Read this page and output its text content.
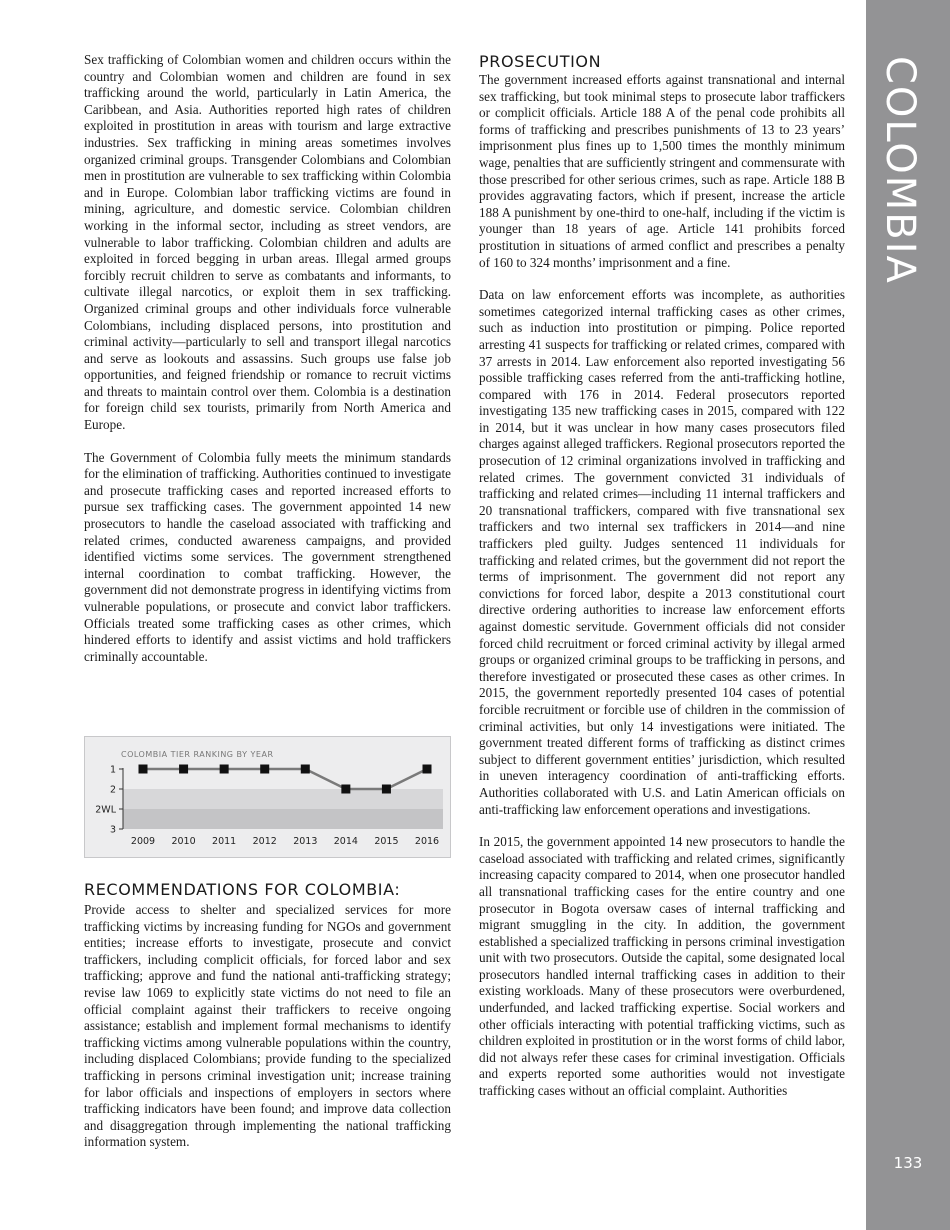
COLOMBIA
133

Sex trafficking of Colombian women and children occurs within the country and Colombian women and children are found in sex trafficking around the world, particularly in Latin America, the Caribbean, and Asia. Authorities reported high rates of children exploited in prostitution in areas with tourism and large extractive industries. Sex trafficking in mining areas sometimes involves organized criminal groups. Transgender Colombians and Colombian men in prostitution are vulnerable to sex trafficking within Colombia and in Europe. Colombian labor trafficking victims are found in mining, agriculture, and domestic service. Colombian children working in the informal sector, including as street vendors, are vulnerable to labor trafficking. Colombian children and adults are exploited in forced begging in urban areas. Illegal armed groups forcibly recruit children to serve as combatants and informants, to cultivate illegal narcotics, or exploit them in sex trafficking. Organized criminal groups and other individuals force vulnerable Colombians, including displaced persons, into prostitution and criminal activity—particularly to sell and transport illegal narcotics and serve as lookouts and assassins. Such groups use false job opportunities, and feigned friendship or romance to recruit victims and threats to maintain control over them. Colombia is a destination for foreign child sex tourists, primarily from North America and Europe.

The Government of Colombia fully meets the minimum standards for the elimination of trafficking. Authorities continued to investigate and prosecute trafficking cases and reported increased efforts to pursue sex trafficking cases. The government appointed 14 new prosecutors to handle the caseload associated with trafficking and related crimes, conducted awareness campaigns, and provided identified victims some services. The government strengthened internal coordination to combat trafficking. However, the government did not demonstrate progress in identifying victims from vulnerable populations, or prosecute and convict labor traffickers. Officials treated some trafficking cases as other crimes, which hindered efforts to identify and assist victims and hold traffickers criminally accountable.

COLOMBIA TIER RANKING BY YEAR
1
2
2WL
3
2009 2010 2011 2012 2013 2014 2015 2016
RECOMMENDATIONS FOR COLOMBIA:

Provide access to shelter and specialized services for more trafficking victims by increasing funding for NGOs and government entities; increase efforts to investigate, prosecute and convict traffickers, including complicit officials, for forced labor and sex trafficking; approve and fund the national anti-trafficking strategy; revise law 1069 to explicitly state victims do not need to file an official complaint against their traffickers to receive ongoing assistance; establish and implement formal mechanisms to identify trafficking victims among vulnerable populations within the country, including displaced Colombians; provide funding to the specialized trafficking in persons criminal investigation unit; increase training for labor officials and inspections of employers in sectors where trafficking indicators have been found; and improve data collection and disaggregation through implementing the national trafficking information system.

PROSECUTION

The government increased efforts against transnational and internal sex trafficking, but took minimal steps to prosecute labor traffickers or complicit officials. Article 188 A of the penal code prohibits all forms of trafficking and prescribes punishments of 13 to 23 years’ imprisonment plus fines up to 1,500 times the monthly minimum wage, penalties that are sufficiently stringent and commensurate with those prescribed for other serious crimes, such as rape. Article 188 B provides aggravating factors, which if present, increase the article 188 A punishment by one-third to one-half, including if the victim is younger than 18 years of age. Article 141 prohibits forced prostitution in situations of armed conflict and prescribes a penalty of 160 to 324 months’ imprisonment and a fine.

Data on law enforcement efforts was incomplete, as authorities sometimes categorized internal trafficking cases as other crimes, such as induction into prostitution or pimping. Police reported arresting 41 suspects for trafficking or related crimes, compared with 37 arrests in 2014. Law enforcement also reported investigating 56 possible trafficking cases referred from the anti-trafficking hotline, compared with 176 in 2014. Federal prosecutors reported investigating 135 new trafficking cases in 2015, compared with 122 in 2014, but it was unclear in how many cases prosecutors filed charges against alleged traffickers. Regional prosecutors reported the prosecution of 12 criminal organizations involved in trafficking and related crimes. The government convicted 31 individuals of trafficking and related crimes—including 11 internal traffickers and 20 transnational traffickers, compared with five transnational sex traffickers and two internal sex traffickers in 2014—and nine traffickers pled guilty. Judges sentenced 11 individuals for trafficking and related crimes, but the government did not report the terms of imprisonment. The government did not report any convictions for forced labor, despite a 2013 constitutional court directive ordering authorities to increase law enforcement efforts against domestic servitude. Government officials did not consider forced child recruitment or forced criminal activity by illegal armed groups or organized criminal groups to be trafficking in persons, and therefore investigated or prosecuted these cases as other crimes. In 2015, the government reportedly presented 104 cases of potential forcible recruitment or forcible use of children in the commission of criminal activities, but only 14 investigations were initiated. The government treated different forms of trafficking as distinct crimes subject to different government entities’ jurisdiction, which resulted in uneven interagency coordination of anti-trafficking efforts. Authorities collaborated with U.S. and Latin American officials on anti-trafficking law enforcement operations and investigations.

In 2015, the government appointed 14 new prosecutors to handle the caseload associated with trafficking and related crimes, significantly increasing capacity compared to 2014, when one prosecutor handled all transnational trafficking cases for the entire country and one prosecutor in Bogota oversaw cases of internal trafficking and migrant smuggling in the city. In addition, the government established a specialized trafficking in persons criminal investigation unit with two prosecutors. Outside the capital, some designated local prosecutors handled internal trafficking cases in addition to their existing workloads. Many of these prosecutors were overburdened, underfunded, and lacked trafficking expertise. Social workers and other officials interacting with potential trafficking victims, such as children exploited in prostitution or in the worst forms of child labor, did not always refer these cases for criminal investigation. Officials and experts reported some authorities would not investigate trafficking cases without an official complaint. Authorities
